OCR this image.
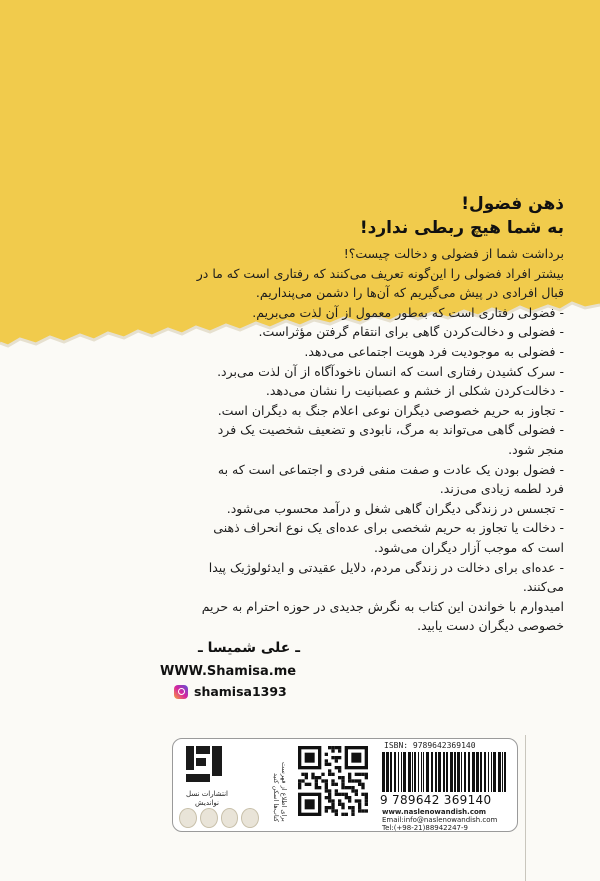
ذهن فضول!
به شما هیچ ربطی ندارد!

برداشت شما از فضولی و دخالت چیست؟!

بیشتر افراد فضولی را این‌گونه تعریف می‌کنند که رفتاری است که ما در

قبال افرادی در پیش می‌گیریم که آن‌ها را دشمن می‌پنداریم.

- فضولی رفتاری است که به‌طور معمول از آن لذت می‌بریم.

- فضولی و دخالت‌کردن گاهی برای انتقام گرفتن مؤثراست.

- فضولی به موجودیت فرد هویت اجتماعی می‌دهد.

- سرک کشیدن رفتاری است که انسان ناخودآگاه از آن لذت می‌برد.

- دخالت‌کردن شکلی از خشم و عصبانیت را نشان می‌دهد.

- تجاوز به حریم خصوصی دیگران نوعی اعلام جنگ به دیگران است.

- فضولی گاهی می‌تواند به مرگ، نابودی و تضعیف شخصیت یک فرد

منجر شود.

- فضول بودن یک عادت و صفت منفی فردی و اجتماعی است که به

فرد لطمه زیادی می‌زند.

- تجسس در زندگی دیگران گاهی شغل و درآمد محسوب می‌شود.

- دخالت یا تجاوز به حریم شخصی برای عده‌ای یک نوع انحراف ذهنی

است که موجب آزار دیگران می‌شود.

- عده‌ای برای دخالت در زندگی مردم، دلایل عقیدتی و ایدئولوژیک پیدا

می‌کنند.

امیدوارم با خواندن این کتاب به نگرش جدیدی در حوزه احترام به حریم

خصوصی دیگران دست یابید.

ـ علی شمیسا ـ
WWW.Shamisa.me
shamisa1393
انتشارات نسل نواندیش	برای اطلاع از فهرست کتاب‌ها اسکن کنید
ISBN: 9789642369140
9 789642 369140
www.naslenowandish.com
Email:info@naslenowandish.com
Tel:(+98-21)88942247-9
